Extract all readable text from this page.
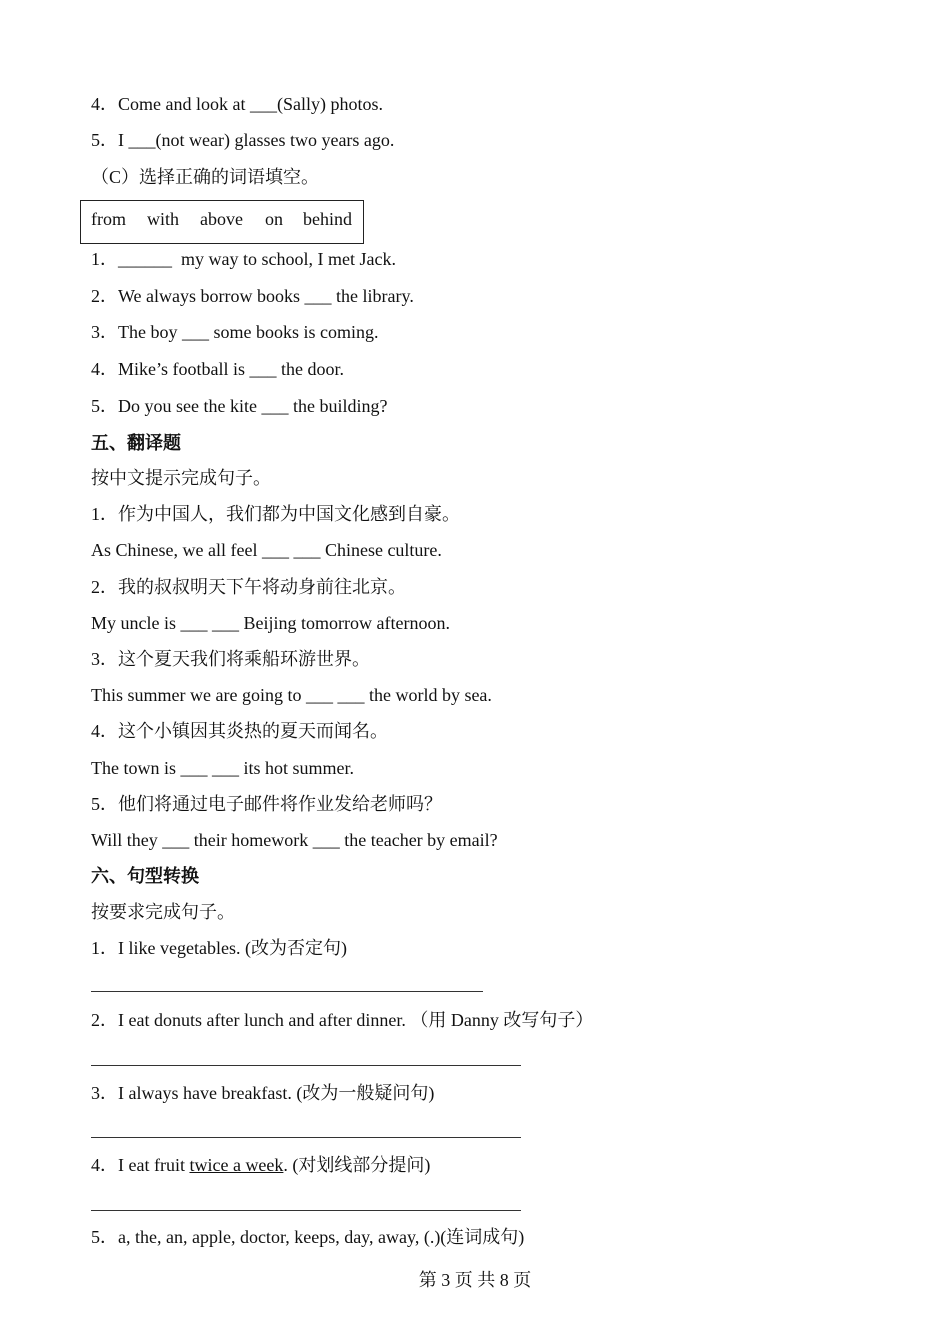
4．Come and look at ___(Sally) photos.
5．I ___(not wear) glasses two years ago.
（C）选择正确的词语填空。
from with above on behind
1．______  my way to school, I met Jack.
2．We always borrow books ___ the library.
3．The boy ___ some books is coming.
4．Mike’s football is ___ the door.
5．Do you see the kite ___ the building?
五、翻译题
按中文提示完成句子。
1．作为中国人，我们都为中国文化感到自豪。
As Chinese, we all feel ___ ___ Chinese culture.
2．我的叔叔明天下午将动身前往北京。
My uncle is ___ ___ Beijing tomorrow afternoon.
3．这个夏天我们将乘船环游世界。
This summer we are going to ___ ___ the world by sea.
4．这个小镇因其炎热的夏天而闻名。
The town is ___ ___ its hot summer.
5．他们将通过电子邮件将作业发给老师吗？
Will they ___ their homework ___ the teacher by email?
六、句型转换
按要求完成句子。
1．I like vegetables. (改为否定句)
2．I eat donuts after lunch and after dinner. （用 Danny 改写句子）
3．I always have breakfast. (改为一般疑问句)
4．I eat fruit twice a week. (对划线部分提问)
5．a, the, an, apple, doctor, keeps, day, away, (.)(连词成句)
第 3 页 共 8 页
